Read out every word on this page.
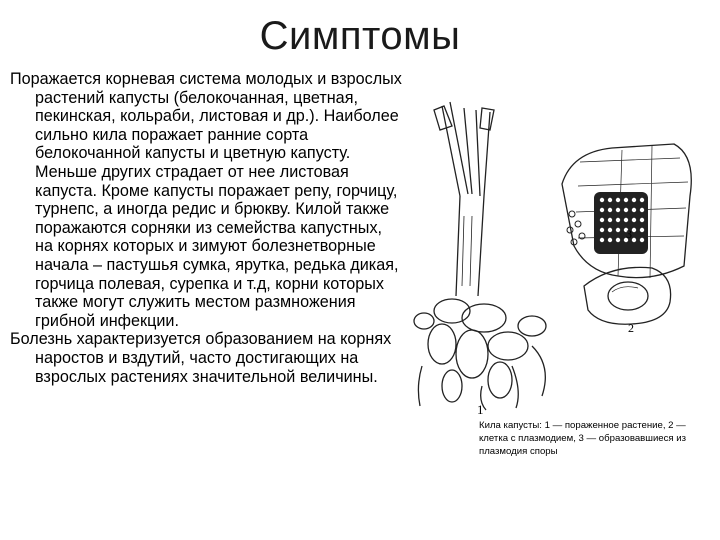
Симптомы

Поражается корневая система молодых и взрослых растений капусты (белокочанная, цветная, пекинская, кольраби, листовая и др.). Наиболее сильно кила поражает ранние сорта белокочанной капусты и цветную капусту. Меньше других страдает от нее листовая капуста. Кроме капусты поражает репу, горчицу, турнепс, а иногда редис и брюкву. Килой также поражаются сорняки из семейства капустных, на корнях которых и зимуют болезнетворные начала – пастушья сумка, ярутка, редька дикая, горчица полевая, сурепка и т.д, корни которых также могут служить местом размножения грибной инфекции.

Болезнь характеризуется образованием на корнях наростов и вздутий, часто достигающих на взрослых растениях значительной величины.

3
2
1
Кила капусты: 1 — пораженное растение, 2 — клетка с плазмодием, 3 — образовавшиеся из плазмодия споры
